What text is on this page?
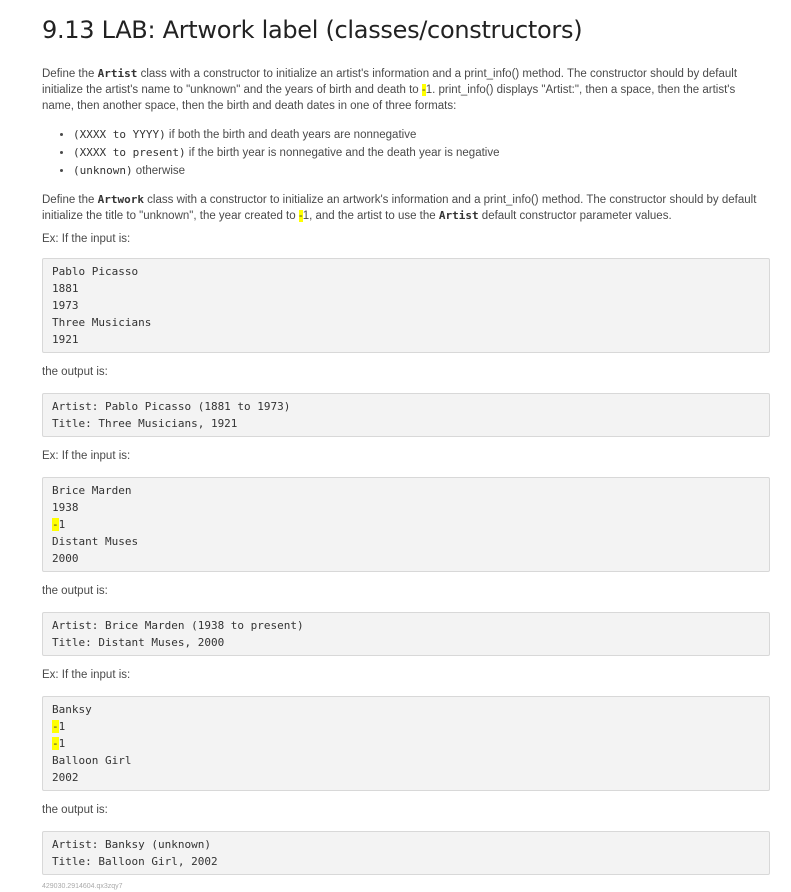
9.13 LAB: Artwork label (classes/constructors)

Define the Artist class with a constructor to initialize an artist's information and a print_info() method. The constructor should by default initialize the artist's name to "unknown" and the years of birth and death to -1. print_info() displays "Artist:", then a space, then the artist's name, then another space, then the birth and death dates in one of three formats:

• (XXXX to YYYY) if both the birth and death years are nonnegative
• (XXXX to present) if the birth year is nonnegative and the death year is negative
• (unknown) otherwise

Define the Artwork class with a constructor to initialize an artwork's information and a print_info() method. The constructor should by default initialize the title to "unknown", the year created to -1, and the artist to use the Artist default constructor parameter values.

Ex: If the input is:
Pablo Picasso
1881
1973
Three Musicians
1921
the output is:
Artist: Pablo Picasso (1881 to 1973)
Title: Three Musicians, 1921
Ex: If the input is:
Brice Marden
1938
-1
Distant Muses
2000
the output is:
Artist: Brice Marden (1938 to present)
Title: Distant Muses, 2000
Ex: If the input is:
Banksy
-1
-1
Balloon Girl
2002
the output is:
Artist: Banksy (unknown)
Title: Balloon Girl, 2002
429030.2914604.qx3zqy7
